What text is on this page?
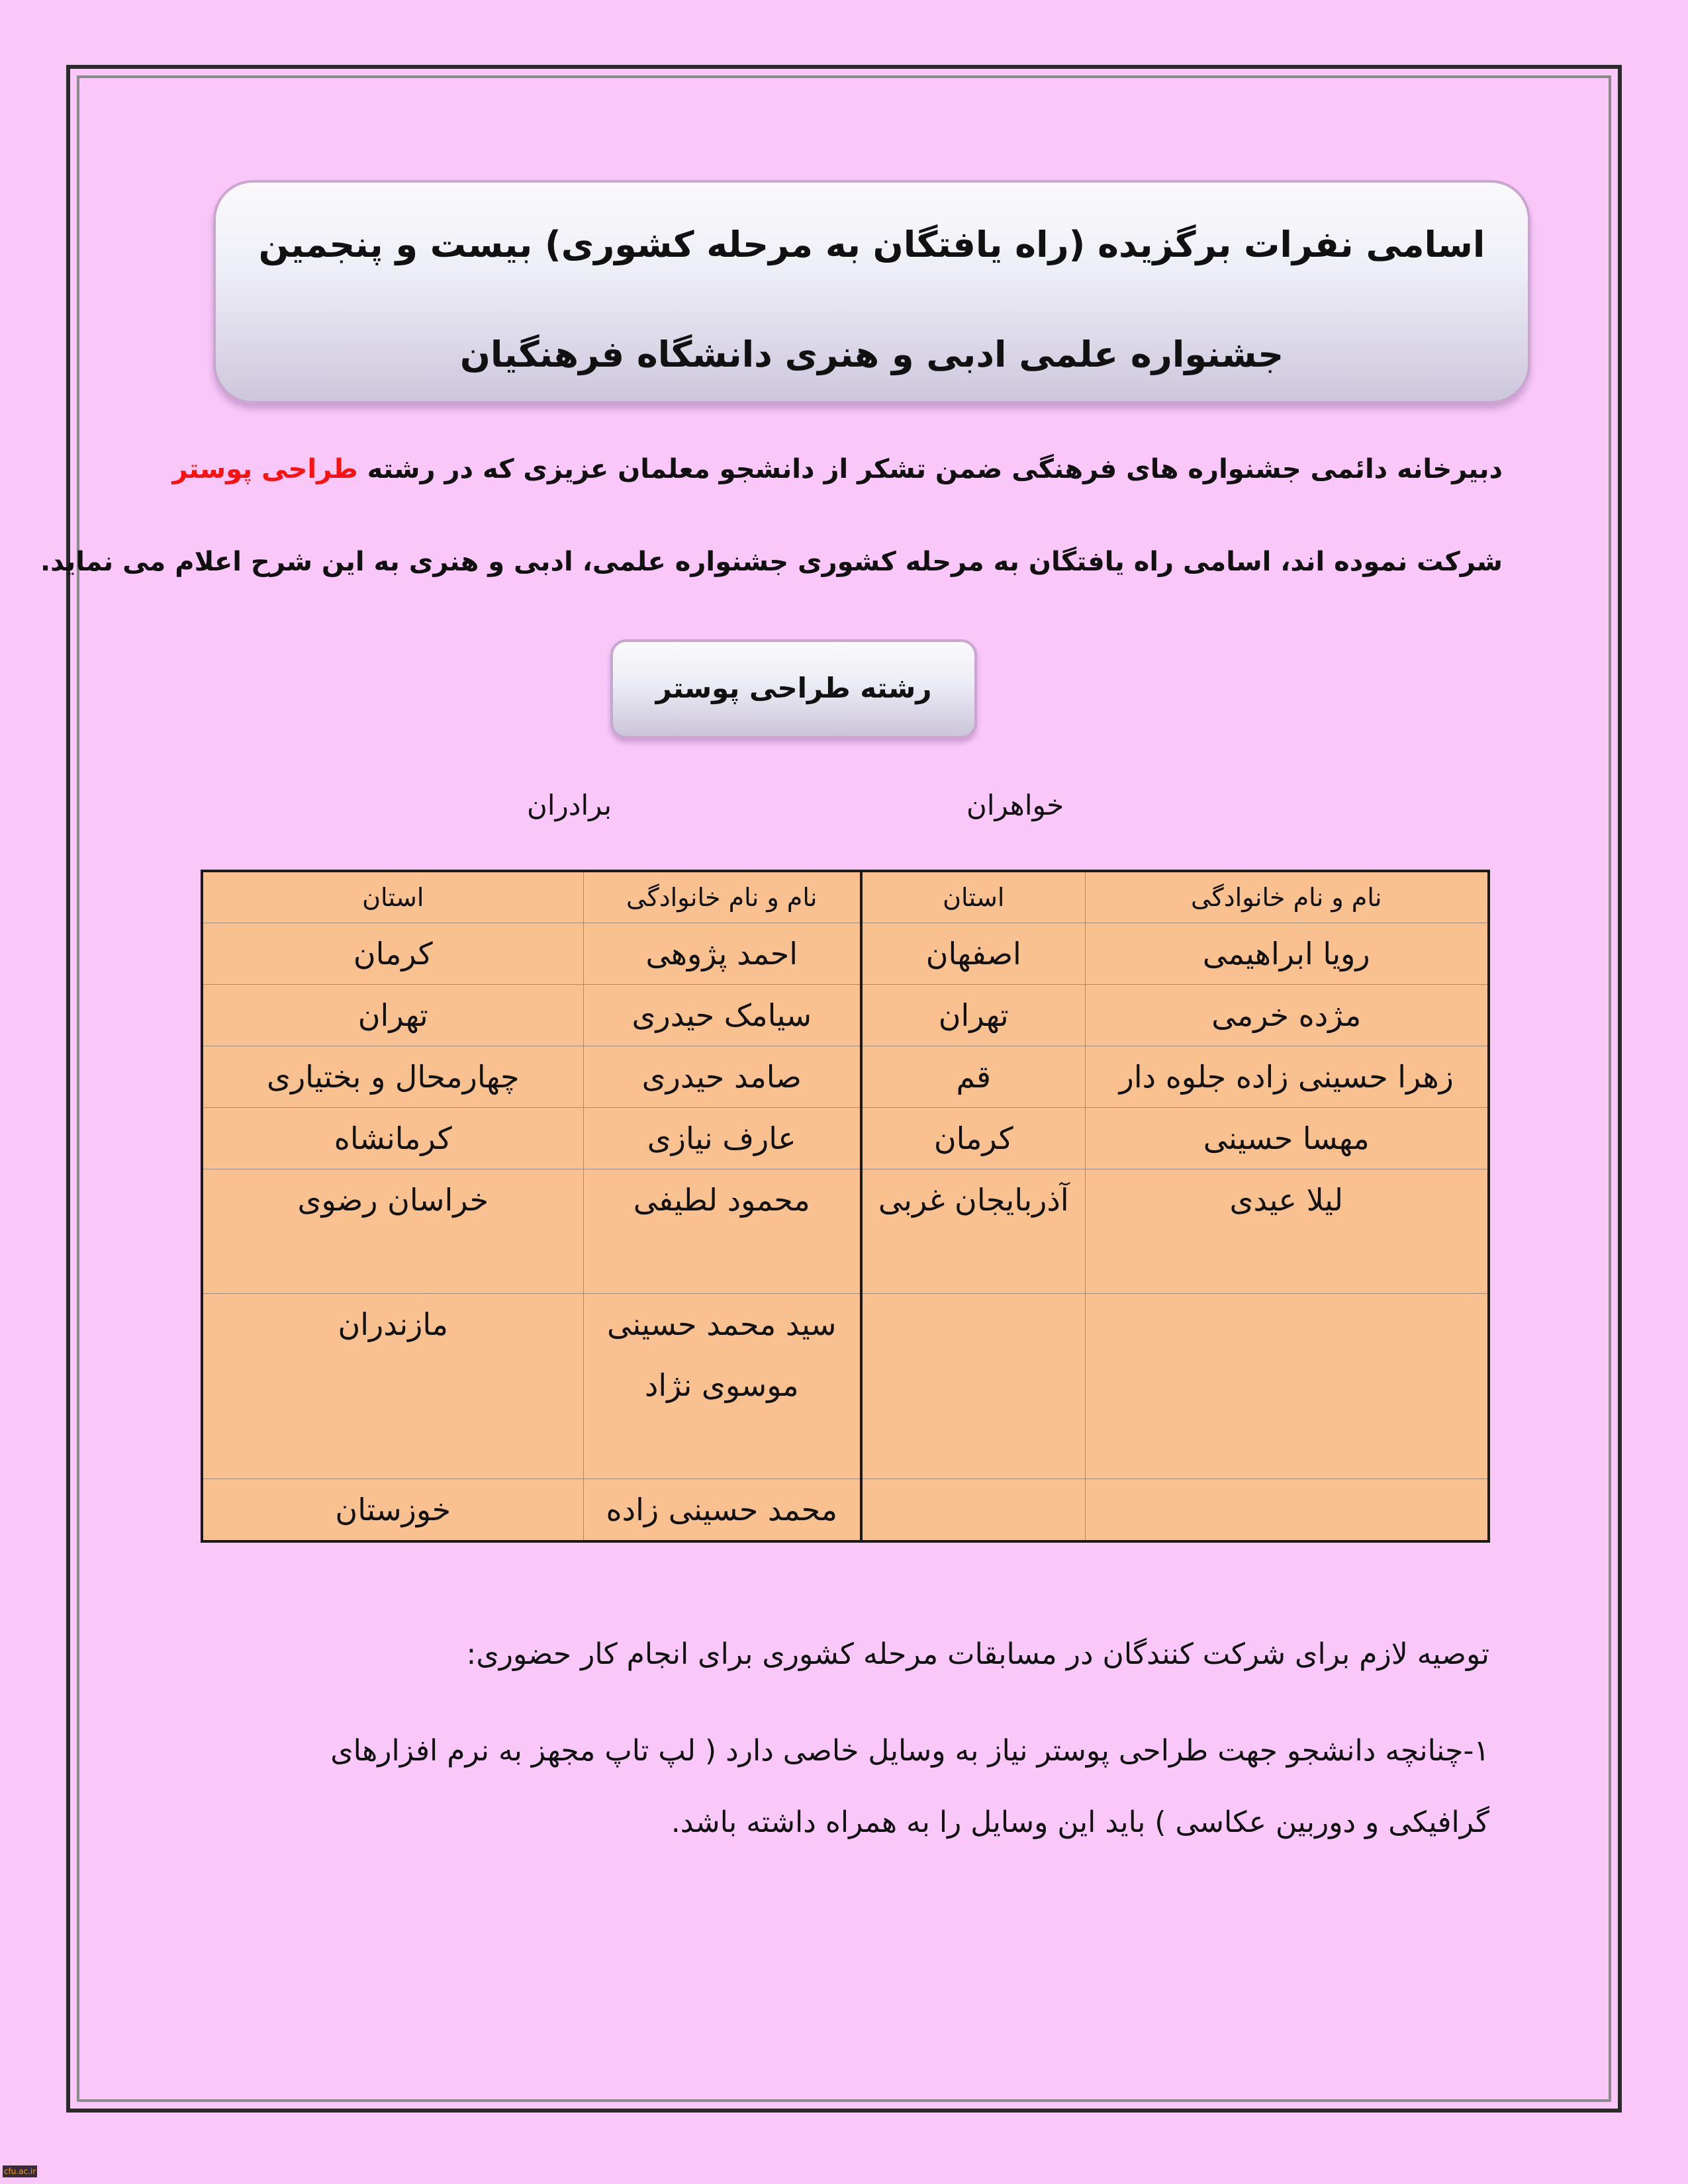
اسامی نفرات برگزیده (راه یافتگان به مرحله کشوری) بیست و پنجمین
جشنواره علمی ادبی و هنری دانشگاه فرهنگیان
دبیرخانه دائمی جشنواره های فرهنگی ضمن تشکر از دانشجو معلمان عزیزی که در رشته طراحی پوستر
شرکت نموده اند، اسامی راه یافتگان به مرحله کشوری جشنواره علمی، ادبی و هنری به این شرح اعلام می نماید.
رشته طراحی پوستر
خواهران
برادران
نام و نام خانوادگی	استان	نام و نام خانوادگی	استان
رویا ابراهیمی	اصفهان	احمد پژوهی	کرمان
مژده خرمی	تهران	سیامک حیدری	تهران
زهرا حسینی زاده جلوه دار	قم	صامد حیدری	چهارمحال و بختیاری
مهسا حسینی	کرمان	عارف نیازی	کرمانشاه
لیلا عیدی	آذربایجان غربی	محمود لطیفی	خراسان رضوی
		سید محمد حسینی موسوی نژاد	مازندران
		محمد حسینی زاده	خوزستان
توصیه لازم برای شرکت کنندگان در مسابقات مرحله کشوری برای انجام کار حضوری:
۱-چنانچه دانشجو جهت طراحی پوستر نیاز به وسایل خاصی دارد ( لپ تاپ مجهز به نرم افزارهای
گرافیکی و دوربین عکاسی ) باید این وسایل را به همراه داشته باشد.
cfu.ac.ir
